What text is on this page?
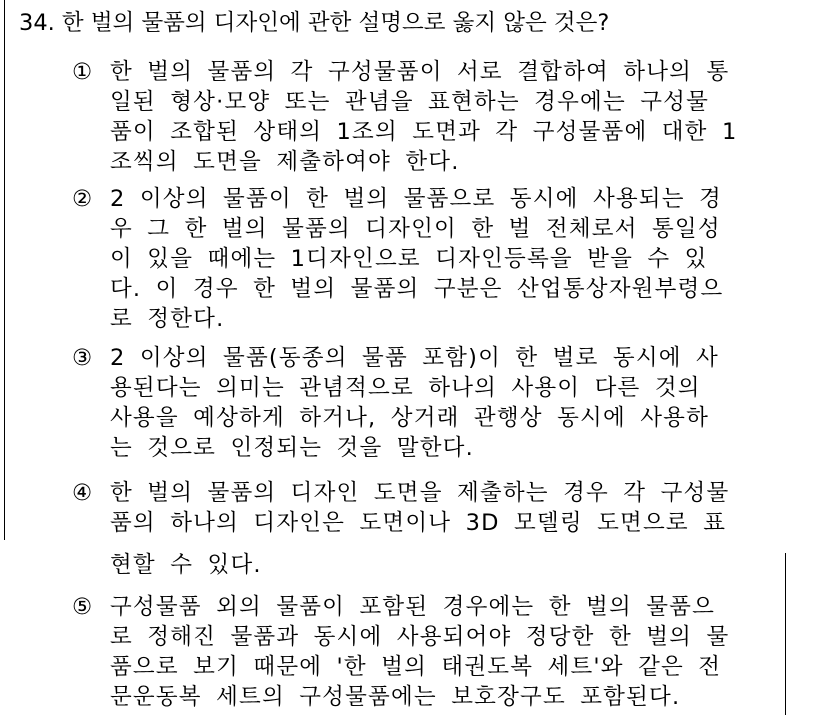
34. 한 벌의 물품의 디자인에 관한 설명으로 옳지 않은 것은?
① 한 벌의 물품의 각 구성물품이 서로 결합하여 하나의 통
일된 형상·모양 또는 관념을 표현하는 경우에는 구성물
품이 조합된 상태의 1조의 도면과 각 구성물품에 대한 1
조씩의 도면을 제출하여야 한다.
② 2 이상의 물품이 한 벌의 물품으로 동시에 사용되는 경
우 그 한 벌의 물품의 디자인이 한 벌 전체로서 통일성
이 있을 때에는 1디자인으로 디자인등록을 받을 수 있
다. 이 경우 한 벌의 물품의 구분은 산업통상자원부령으
로 정한다.
③ 2 이상의 물품(동종의 물품 포함)이 한 벌로 동시에 사
용된다는 의미는 관념적으로 하나의 사용이 다른 것의
사용을 예상하게 하거나, 상거래 관행상 동시에 사용하
는 것으로 인정되는 것을 말한다.
④ 한 벌의 물품의 디자인 도면을 제출하는 경우 각 구성물
품의 하나의 디자인은 도면이나 3D 모델링 도면으로 표
현할 수 있다.
⑤ 구성물품 외의 물품이 포함된 경우에는 한 벌의 물품으
로 정해진 물품과 동시에 사용되어야 정당한 한 벌의 물
품으로 보기 때문에 '한 벌의 태권도복 세트'와 같은 전
문운동복 세트의 구성물품에는 보호장구도 포함된다.
